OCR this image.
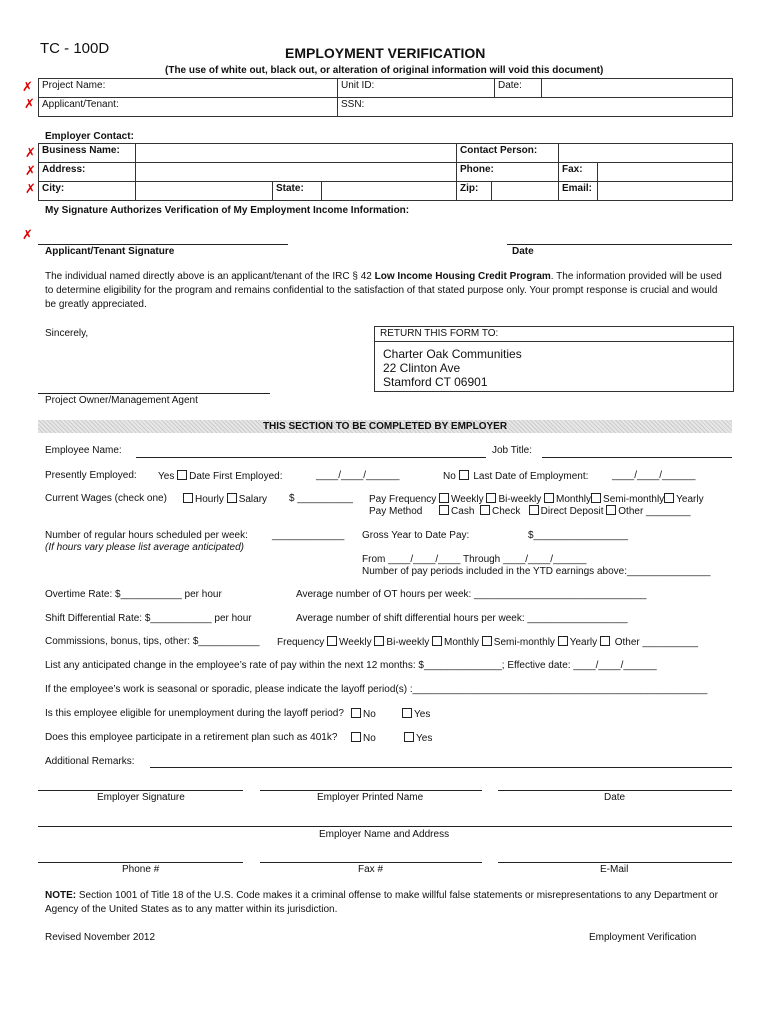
TC - 100D	EMPLOYMENT VERIFICATION
(The use of white out, black out, or alteration of original information will void this document)
✗
✗
✗
✗
✗
✗
Project Name:	Unit ID:	Date:	
Applicant/Tenant:	SSN:		
Employer Contact:
Business Name:				Contact Person:			
Address:				Phone:		Fax:	
City:		State:		Zip:		Email:	
My Signature Authorizes Verification of My Employment Income Information:
Applicant/Tenant Signature	Date
The individual named directly above is an applicant/tenant of the IRC § 42 Low Income Housing Credit Program. The information provided will be used to determine eligibility for the program and remains confidential to the satisfaction of that stated purpose only. Your prompt response is crucial and would be greatly appreciated.
Sincerely,	RETURN THIS FORM TO:
Charter Oak Communities
22 Clinton Ave
Stamford CT 06901
Project Owner/Management Agent
THIS SECTION TO BE COMPLETED BY EMPLOYER
Employee Name:	Job Title:
Presently Employed: Yes Date First Employed:	____/____/______	No Last Date of Employment: ____/____/______
Current Wages (check one)	Hourly Salary $ __________ Pay Frequency Weekly Bi-weekly Monthly Semi-monthly Yearly
Pay Method	Cash Check Direct Deposit Other ________
Number of regular hours scheduled per week:
(If hours vary please list average anticipated)
_____________ Gross Year to Date Pay:	$_________________
From ____/____/____ Through ____/____/______
Number of pay periods included in the YTD earnings above:_______________
Overtime Rate: $___________ per hour	Average number of OT hours per week: _______________________________
Shift Differential Rate: $___________ per hour	Average number of shift differential hours per week: __________________
Commissions, bonus, tips, other: $___________ Frequency Weekly Bi-weekly Monthly Semi-monthly Yearly Other __________
List any anticipated change in the employee’s rate of pay within the next 12 months: $______________; Effective date: ____/____/______
If the employee’s work is seasonal or sporadic, please indicate the layoff period(s) :_____________________________________________________
Is this employee eligible for unemployment during the layoff period?	No	Yes
Does this employee participate in a retirement plan such as 401k?	No	Yes
Additional Remarks:
Employer Signature	Employer Printed Name	Date
Employer Name and Address
Phone #	Fax #	E-Mail
NOTE: Section 1001 of Title 18 of the U.S. Code makes it a criminal offense to make willful false statements or misrepresentations to any Department or Agency of the United States as to any matter within its jurisdiction.
Revised November 2012	Employment Verification
